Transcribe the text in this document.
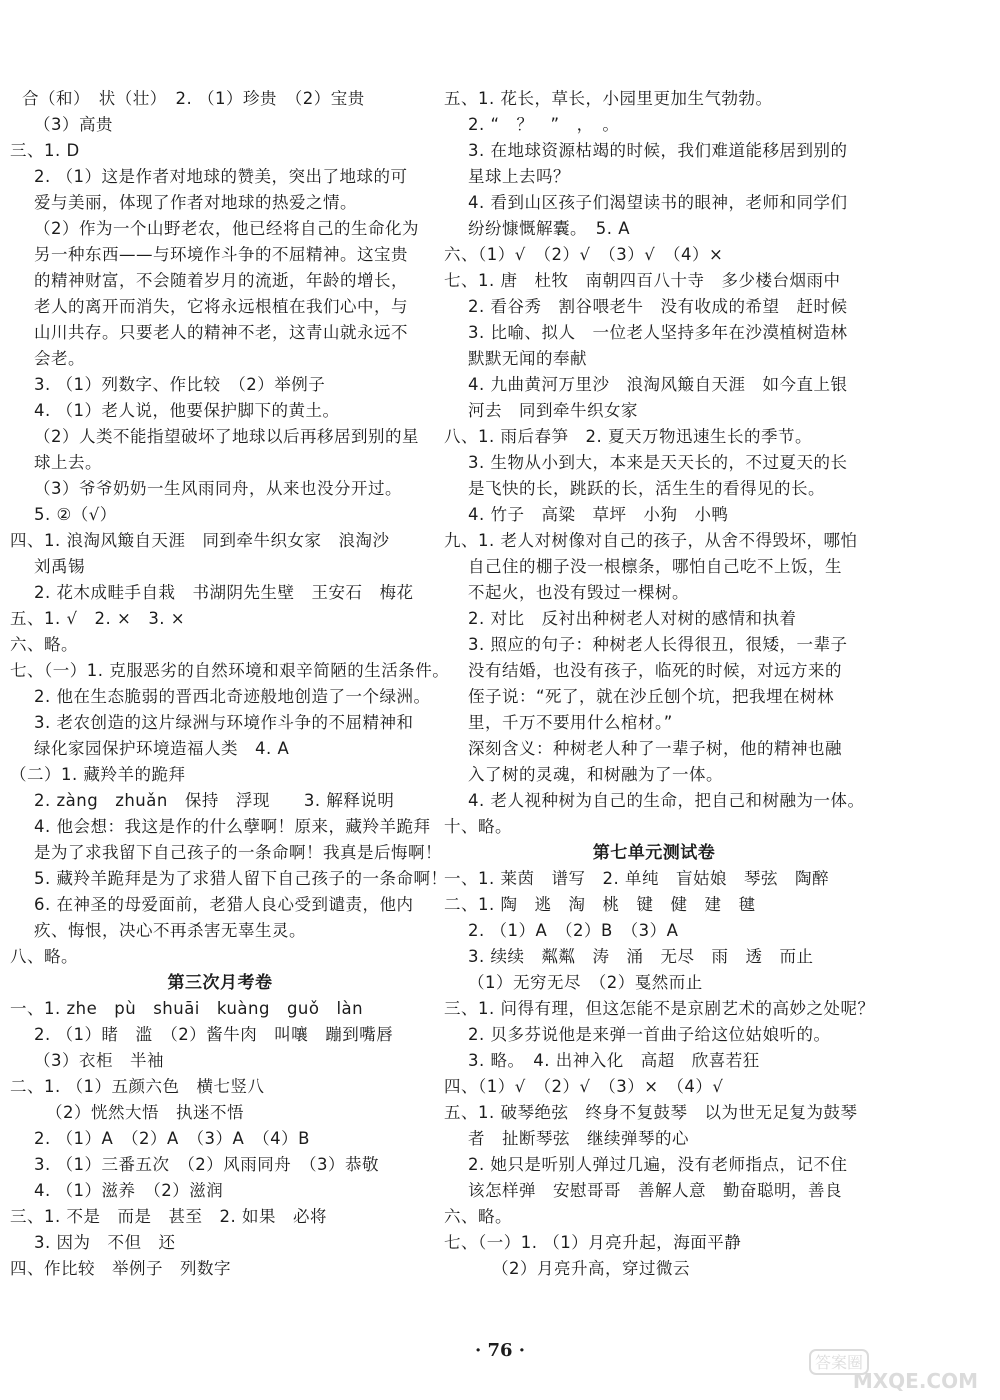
合（和）　状（壮）　2. （1）珍贵　（2）宝贵
（3）高贵
三、1. D
2. （1）这是作者对地球的赞美，突出了地球的可
爱与美丽，体现了作者对地球的热爱之情。
（2）作为一个山野老农，他已经将自己的生命化为
另一种东西——与环境作斗争的不屈精神。这宝贵
的精神财富，不会随着岁月的流逝，年龄的增长，
老人的离开而消失，它将永远根植在我们心中，与
山川共存。只要老人的精神不老，这青山就永远不
会老。
3. （1）列数字、作比较　（2）举例子
4. （1）老人说，他要保护脚下的黄土。
（2）人类不能指望破坏了地球以后再移居到别的星
球上去。
（3）爷爷奶奶一生风雨同舟，从来也没分开过。
5. ②（√）
四、1. 浪淘风簸自天涯　同到牵牛织女家　浪淘沙
刘禹锡
2. 花木成畦手自栽　书湖阴先生壁　王安石　梅花
五、1. √　2. ×　3. ×
六、略。
七、（一）1. 克服恶劣的自然环境和艰辛简陋的生活条件。
2. 他在生态脆弱的晋西北奇迹般地创造了一个绿洲。
3. 老农创造的这片绿洲与环境作斗争的不屈精神和
绿化家园保护环境造福人类　4. A
（二）1. 藏羚羊的跪拜
2. zàng　zhuǎn　保持　浮现　　3. 解释说明
4. 他会想：我这是作的什么孽啊！原来，藏羚羊跪拜
是为了求我留下自己孩子的一条命啊！我真是后悔啊！
5. 藏羚羊跪拜是为了求猎人留下自己孩子的一条命啊！
6. 在神圣的母爱面前，老猎人良心受到谴责，他内
疚、悔恨，决心不再杀害无辜生灵。
八、略。
第三次月考卷
一、1. zhe　pù　shuāi　kuàng　guǒ　làn
2. （1）睹　滥　（2）酱牛肉　叫嚷　蹦到嘴唇
（3）衣柜　半袖
二、1. （1）五颜六色　横七竖八
（2）恍然大悟　执迷不悟
2. （1）A　（2）A　（3）A　（4）B
3. （1）三番五次　（2）风雨同舟　（3）恭敬
4. （1）滋养　（2）滋润
三、1. 不是　而是　甚至　2. 如果　必将
3. 因为　不但　还
四、作比较　举例子　列数字
五、1. 花长，草长，小园里更加生气勃勃。
2. “　？　”　，　。
3. 在地球资源枯竭的时候，我们难道能移居到别的
星球上去吗？
4. 看到山区孩子们渴望读书的眼神，老师和同学们
纷纷慷慨解囊。　5. A
六、（1）√　（2）√　（3）√　（4）×
七、1. 唐　杜牧　南朝四百八十寺　多少楼台烟雨中
2. 看谷秀　割谷喂老牛　没有收成的希望　赶时候
3. 比喻、拟人　一位老人坚持多年在沙漠植树造林
默默无闻的奉献
4. 九曲黄河万里沙　浪淘风簸自天涯　如今直上银
河去　同到牵牛织女家
八、1. 雨后春笋　2. 夏天万物迅速生长的季节。
3. 生物从小到大，本来是天天长的，不过夏天的长
是飞快的长，跳跃的长，活生生的看得见的长。
4. 竹子　高粱　草坪　小狗　小鸭
九、1. 老人对树像对自己的孩子，从舍不得毁坏，哪怕
自己住的棚子没一根檩条，哪怕自己吃不上饭，生
不起火，也没有毁过一棵树。
2. 对比　反衬出种树老人对树的感情和执着
3. 照应的句子：种树老人长得很丑，很矮，一辈子
没有结婚，也没有孩子，临死的时候，对远方来的
侄子说：“死了，就在沙丘刨个坑，把我埋在树林
里，千万不要用什么棺材。”
深刻含义：种树老人种了一辈子树，他的精神也融
入了树的灵魂，和树融为了一体。
4. 老人视种树为自己的生命，把自己和树融为一体。
十、略。
第七单元测试卷
一、1. 莱茵　谱写　2. 单纯　盲姑娘　琴弦　陶醉
二、1. 陶　逃　淘　桃　键　健　建　毽
2. （1）A　（2）B　（3）A
3. 续续　粼粼　涛　涌　无尽　雨　透　而止
（1）无穷无尽　（2）戛然而止
三、1. 问得有理，但这怎能不是京剧艺术的高妙之处呢？
2. 贝多芬说他是来弹一首曲子给这位姑娘听的。
3. 略。　4. 出神入化　高超　欣喜若狂
四、（1）√　（2）√　（3）×　（4）√
五、1. 破琴绝弦　终身不复鼓琴　以为世无足复为鼓琴
者　扯断琴弦　继续弹琴的心
2. 她只是听别人弹过几遍，没有老师指点，记不住
该怎样弹　安慰哥哥　善解人意　勤奋聪明，善良
六、略。
七、（一）1. （1）月亮升起，海面平静
（2）月亮升高，穿过微云
· 76 ·
答案圈
MXQE.COM
